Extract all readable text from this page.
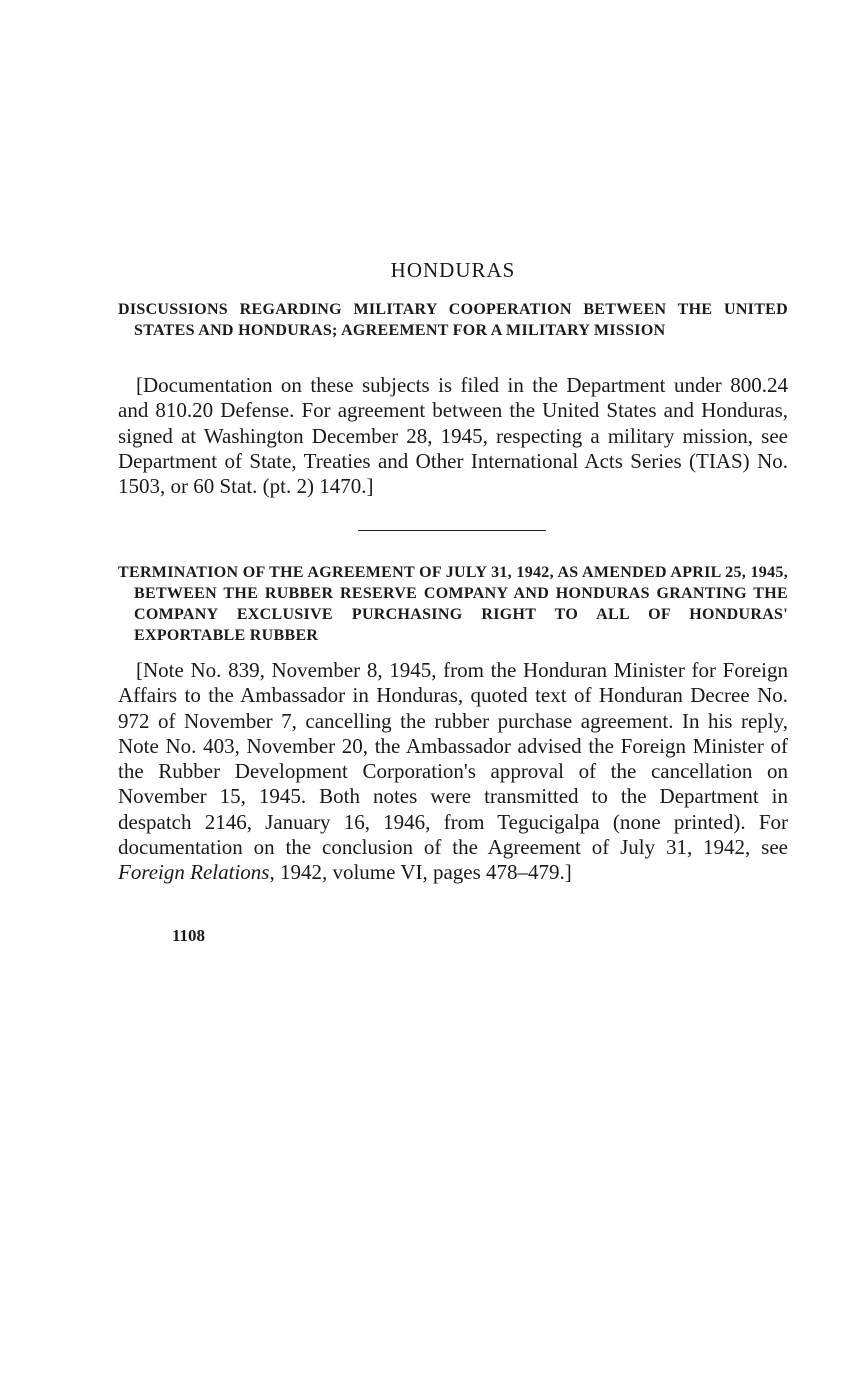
HONDURAS
DISCUSSIONS REGARDING MILITARY COOPERATION BETWEEN THE UNITED STATES AND HONDURAS; AGREEMENT FOR A MILITARY MISSION

[Documentation on these subjects is filed in the Department under 800.24 and 810.20 Defense. For agreement between the United States and Honduras, signed at Washington December 28, 1945, respecting a military mission, see Department of State, Treaties and Other International Acts Series (TIAS) No. 1503, or 60 Stat. (pt. 2) 1470.]

TERMINATION OF THE AGREEMENT OF JULY 31, 1942, AS AMENDED APRIL 25, 1945, BETWEEN THE RUBBER RESERVE COMPANY AND HONDURAS GRANTING THE COMPANY EXCLUSIVE PURCHASING RIGHT TO ALL OF HONDURAS' EXPORTABLE RUBBER

[Note No. 839, November 8, 1945, from the Honduran Minister for Foreign Affairs to the Ambassador in Honduras, quoted text of Honduran Decree No. 972 of November 7, cancelling the rubber purchase agreement. In his reply, Note No. 403, November 20, the Ambassador advised the Foreign Minister of the Rubber Development Corporation's approval of the cancellation on November 15, 1945. Both notes were transmitted to the Department in despatch 2146, January 16, 1946, from Tegucigalpa (none printed). For documentation on the conclusion of the Agreement of July 31, 1942, see Foreign Relations, 1942, volume VI, pages 478–479.]

1108
